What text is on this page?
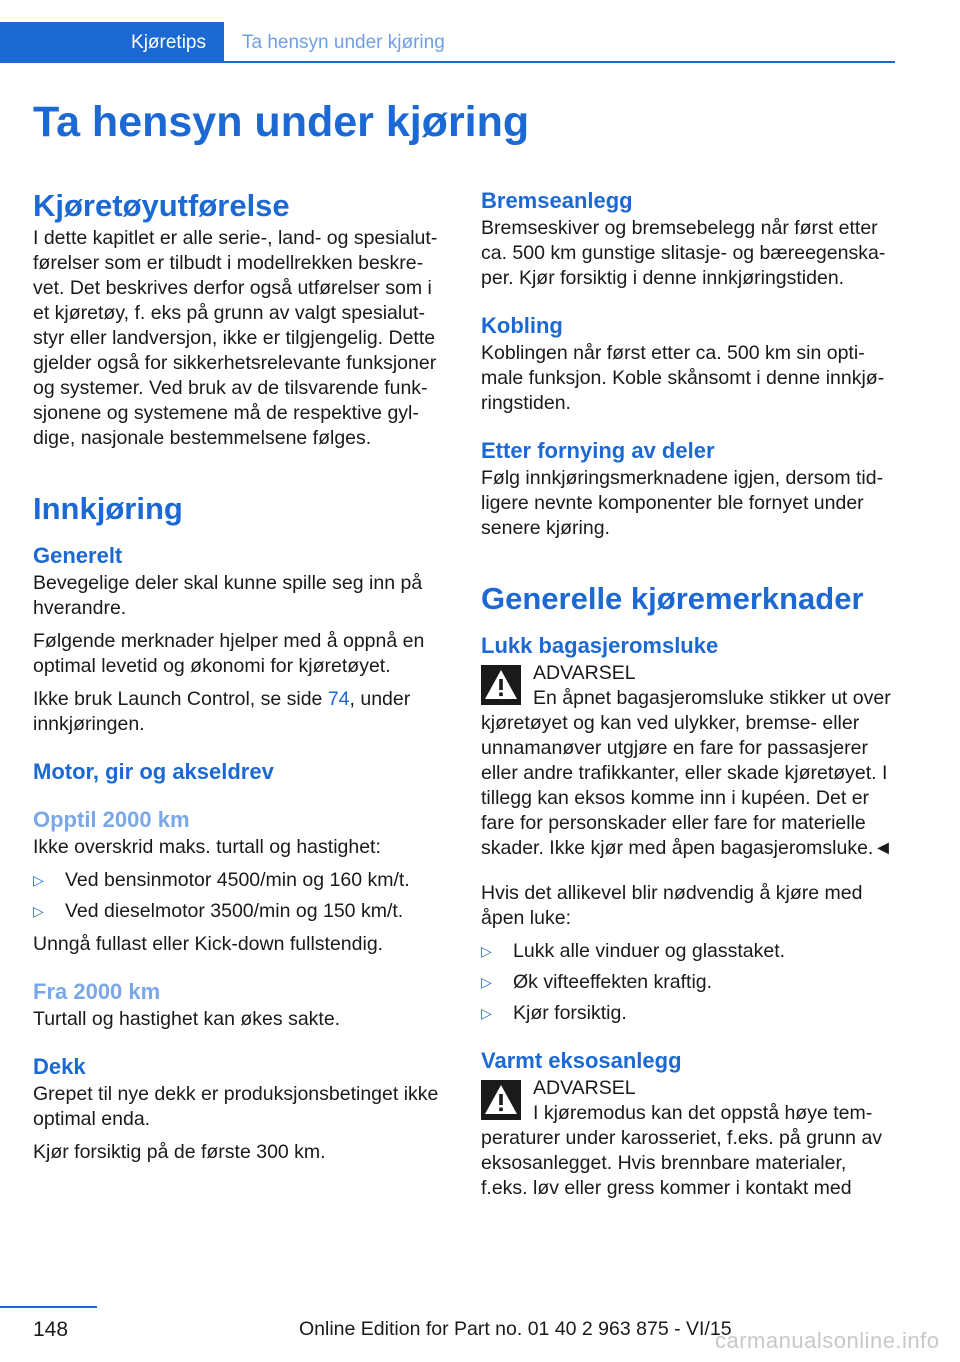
Kjøretips	Ta hensyn under kjøring
Ta hensyn under kjøring
Kjøretøyutførelse

I dette kapitlet er alle serie-, land- og spesialutførelser som er tilbudt i modellrekken beskrevet. Det beskrives derfor også utførelser som i et kjøretøy, f. eks på grunn av valgt spesialutstyr eller landversjon, ikke er tilgjengelig. Dette gjelder også for sikkerhetsrelevante funksjoner og systemer. Ved bruk av de tilsvarende funksjonene og systemene må de respektive gyldige, nasjonale bestemmelsene følges.

Innkjøring
Generelt

Bevegelige deler skal kunne spille seg inn på hverandre.

Følgende merknader hjelper med å oppnå en optimal levetid og økonomi for kjøretøyet.

Ikke bruk Launch Control, se side 74, under innkjøringen.

Motor, gir og akseldrev
Opptil 2000 km

Ikke overskrid maks. turtall og hastighet:

▷ Ved bensinmotor 4500/min og 160 km/t.
▷ Ved dieselmotor 3500/min og 150 km/t.

Unngå fullast eller Kick-down fullstendig.

Fra 2000 km

Turtall og hastighet kan økes sakte.

Dekk

Grepet til nye dekk er produksjonsbetinget ikke optimal enda.

Kjør forsiktig på de første 300 km.

Bremseanlegg

Bremseskiver og bremsebelegg når først etter ca. 500 km gunstige slitasje- og bæreegenskaper. Kjør forsiktig i denne innkjøringstiden.

Kobling

Koblingen når først etter ca. 500 km sin optimale funksjon. Koble skånsomt i denne innkjøringstiden.

Etter fornying av deler

Følg innkjøringsmerknadene igjen, dersom tidligere nevnte komponenter ble fornyet under senere kjøring.

Generelle kjøremerknader
Lukk bagasjeromsluke

ADVARSEL

En åpnet bagasjeromsluke stikker ut over kjøretøyet og kan ved ulykker, bremse- eller unnamanøver utgjøre en fare for passasjerer eller andre trafikkanter, eller skade kjøretøyet. I tillegg kan eksos komme inn i kupéen. Det er fare for personskader eller fare for materielle skader. Ikke kjør med åpen bagasjeromsluke.◄

Hvis det allikevel blir nødvendig å kjøre med åpen luke:

▷ Lukk alle vinduer og glasstaket.
▷ Øk vifteeffekten kraftig.
▷ Kjør forsiktig.
Varmt eksosanlegg

ADVARSEL

I kjøremodus kan det oppstå høye temperaturer under karosseriet, f.eks. på grunn av eksosanlegget. Hvis brennbare materialer, f.eks. løv eller gress kommer i kontakt med

148	Online Edition for Part no. 01 40 2 963 875 - VI/15
carmanualsonline.info
